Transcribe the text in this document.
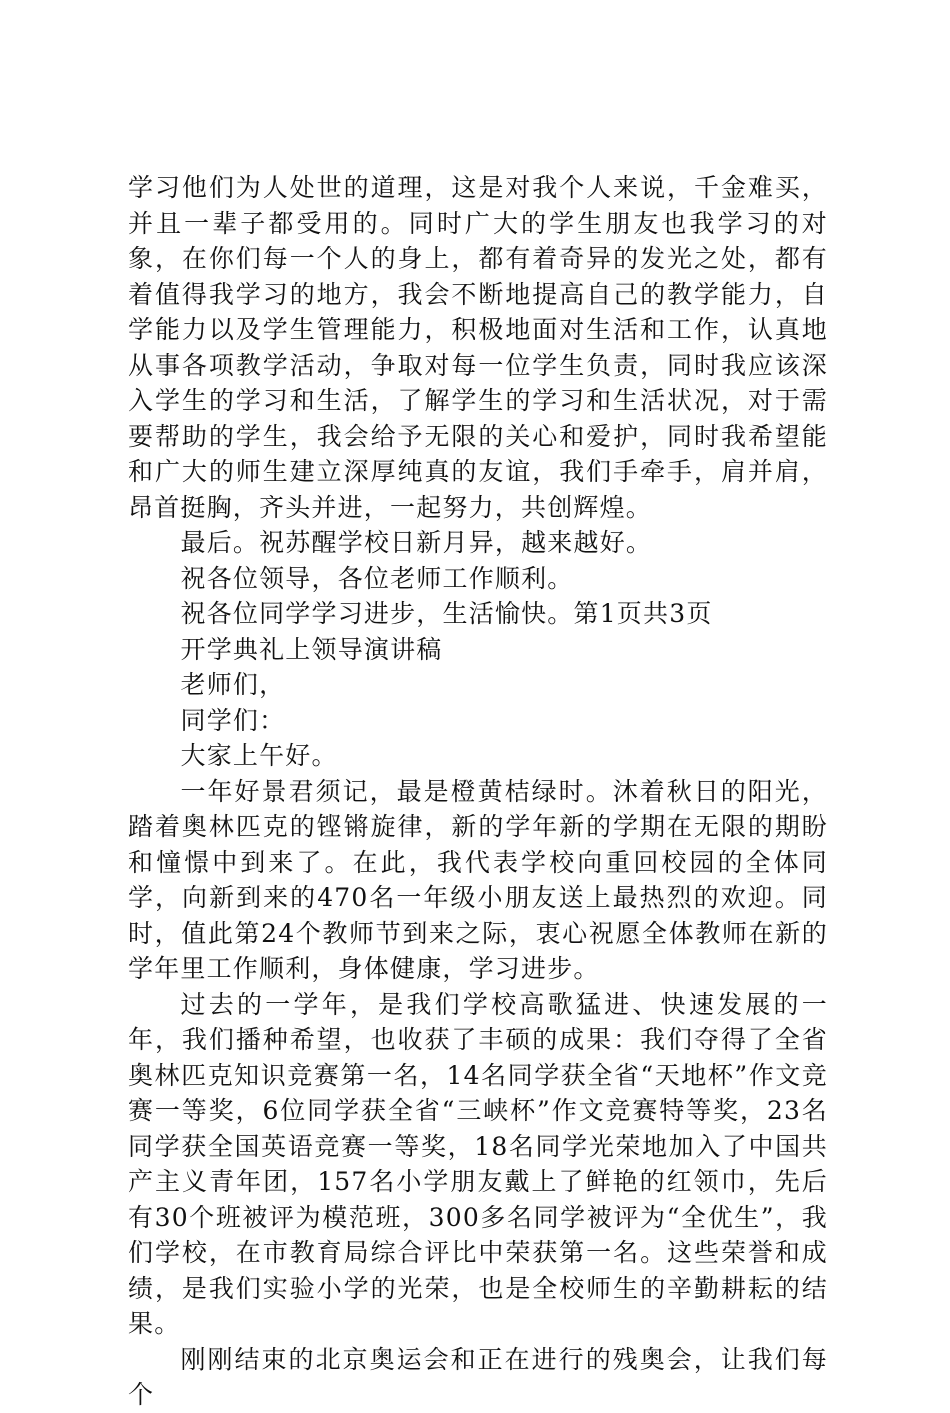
学习他们为人处世的道理，这是对我个人来说，千金难买，并且一辈子都受用的。同时广大的学生朋友也我学习的对象，在你们每一个人的身上，都有着奇异的发光之处，都有着值得我学习的地方，我会不断地提高自己的教学能力，自学能力以及学生管理能力，积极地面对生活和工作，认真地从事各项教学活动，争取对每一位学生负责，同时我应该深入学生的学习和生活，了解学生的学习和生活状况，对于需要帮助的学生，我会给予无限的关心和爱护，同时我希望能和广大的师生建立深厚纯真的友谊，我们手牵手，肩并肩，昂首挺胸，齐头并进，一起努力，共创辉煌。

最后。祝苏醒学校日新月异，越来越好。

祝各位领导，各位老师工作顺利。

祝各位同学学习进步，生活愉快。第1页共3页

开学典礼上领导演讲稿

老师们，

同学们：

大家上午好。

一年好景君须记，最是橙黄桔绿时。沐着秋日的阳光，踏着奥林匹克的铿锵旋律，新的学年新的学期在无限的期盼和憧憬中到来了。在此，我代表学校向重回校园的全体同学，向新到来的470名一年级小朋友送上最热烈的欢迎。同时，值此第24个教师节到来之际，衷心祝愿全体教师在新的学年里工作顺利，身体健康，学习进步。

过去的一学年，是我们学校高歌猛进、快速发展的一年，我们播种希望，也收获了丰硕的成果：我们夺得了全省奥林匹克知识竞赛第一名，14名同学获全省“天地杯”作文竞赛一等奖，6位同学获全省“三峡杯”作文竞赛特等奖，23名同学获全国英语竞赛一等奖，18名同学光荣地加入了中国共产主义青年团，157名小学朋友戴上了鲜艳的红领巾，先后有30个班被评为模范班，300多名同学被评为“全优生”，我们学校，在市教育局综合评比中荣获第一名。这些荣誉和成绩，是我们实验小学的光荣，也是全校师生的辛勤耕耘的结果。

刚刚结束的北京奥运会和正在进行的残奥会，让我们每个
